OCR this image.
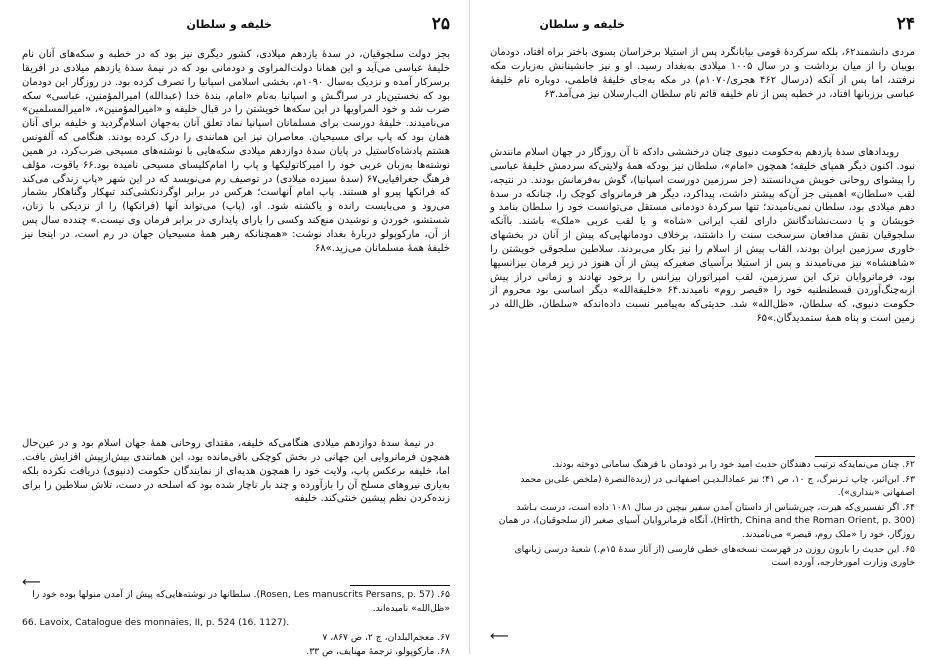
۲۵
خلیفه و سلطان

بجز دولت سلجوقیان، در سدهٔ یازدهم میلادی، کشور دیگری نیز بود که در خطبه و سکه‌های آنان نام خلیفهٔ عباسی می‌آید و این همانا دولت‌المراوی و دودمانی بود که در نیمهٔ سدهٔ یازدهم میلادی در افریقا برسرکار آمده و نزدیک به‌سال ۱۰۹۰م، بخشی اسلامی اسپانیا را تصرف کرده بود. در روزگار این دودمان بود که نخستین‌بار در سراگـش و اسپانیا به‌نام «امام، بندهٔ خدا (عبدالله) امیرالمؤمنین، عباسی» سکه ضرب شد و خود المراویها در این سکه‌ها خویشتن را در قبال خلیفه و «امیرالمؤمنین»، «امیرالمسلمین» می‌نامیدند. خلیفهٔ دورست برای مسلمانان اسپانیا نماد تعلق آنان به‌جهان اسلام‌گردید و خلیفه برای آنان همان بود که پاپ برای مسیحیان. معاصران نیز این همانندی را درک کرده بودند. هنگامی که آلفونس هشتم پادشاه‌کاستیل در پایان سدهٔ دوازدهم میلادی سکه‌هایی با نوشته‌های مسیحی ضرب‌کرد، در همین نوشته‌ها به‌زبان عربی خود را امیرکاتولیکها و پاپ را امام‌کلیسای مسیحی نامیده بود.۶۶ یاقوت، مؤلف فرهنگ جغرافیایی۶۷ (سدهٔ سیزده میلادی) در توصیف رم می‌نویسد که در این شهر «پاپ زندگی می‌کند که فرانکها پیرو او هستند. پاپ امام آنهاست؛ هرکس در برابر او‌گردنکشی‌کند تبهکار و‌گناهکار بشمار می‌رود و می‌بایست رانده و یا‌کشته شود. او، (پاپ) می‌تواند آنها (فرانکها) را از نزدیکی با زنان، شستشو، خوردن و نوشیدن منع‌کند وکسی را یارای پایداری در برابر فرمان وی نیست.» چند‌ده سال پس از آن، مارکوپولو دربارهٔ بغداد نوشت: «همچنانکه رهبر همهٔ مسیحیان جهان در رم است، در اینجا نیز خلیفهٔ همهٔ مسلمانان می‌زید.»۶۸

در نیمهٔ سدهٔ دوازدهم میلادی هنگامی‌که خلیفه، مقتدای روحانی همهٔ جهان اسلام بود و در عین‌حال همچون فرمانروایی این جهانی در بخش کوچکی باقی‌مانده بود، این همانندی بیش‌ازپیش افزایش یافت. اما، خلیفه برعکس پاپ، ولایت خود را همچون هدیه‌ای از نمایندگان حکومت (دنیوی) دریافت نکرده بلکه به‌یاری نیروهای مسلح آن را بازآورده و چند بار ناچار شده بود که اسلحه در دست، تلاش سلاطین را برای زنده‌کردن نظم پیشین خنثی‌کند. خلیفه

۶۵. (Rosen, Les manuscrits Persans, p. 57). سلطانها در نوشته‌هایی‌که پیش از آمدن منولها بوده خود را «ظل‌الله» نامیده‌اند.

66. Lavoix, Catalogue des monnaies, II, p. 524 (16. 1127).

۶۷. معجم‌البلدان، ج ۲، ص ۸۶۷، ۷

۶۸. مارکوپولو، ترجمهٔ مهنایف، ص ۳۳.

⟵
۲۴
خلیفه و سلطان

مردی دانشمند۶۲، بلکه سرکردهٔ قومی بیابانگرد پس از استیلا برخراسان بسوی باختر براه افتاد، دودمان بوییان را از میان برداشت و در سال ۱۰۰۵ میلادی به‌بغداد رسید. او و نیز جانشینانش به‌زیارت مکه نرفتند، اما پس از آنکه (درسال ۴۶۲ هجری/۱۰۷۰م) در مکه به‌جای خلیفهٔ فاطمی، دوباره نام خلیفهٔ عباسی برزبانها افتاد، در خطبه پس از نام خلیفه قائم نام سلطان الب‌ارسلان نیز می‌آمد.۶۳

رویدادهای سدهٔ یازدهم به‌حکومت دنیوی چنان درخششی داد‌که تا آن روزگار در جهان اسلام مانندش نبود. اکنون دیگر همپای خلیفه؛ همچون «امام»، سلطان نیز بود‌که همهٔ ولایتی‌که سردمش خلیفهٔ عباسی را پیشوای روحانی خویش می‌دانستند (جز سرزمین دورست اسپانیا)، گوش به‌فرمانش بودند. در نتیجه، لقب «سلطان» اهمیتی جز آن‌که پیشتر داشت، پیدا‌کرد، دیگر هر فرمانروای کوچک را، چنانکه در سدهٔ دهم میلادی بود، سلطان نمی‌نامیدند؛ تنها سرکردهٔ دودمانی مستقل می‌توانست خود را سلطان بنامد و خویشان و یا دست‌نشاندگانش دارای لقب ایرانی «شاه» و یا لقب عربی «ملک» باشند. باآنکه سلجوقیان نقش مدافعان سرسخت سنت را داشتند، برخلاف دودمانهایی‌که پیش از آنان در بخشهای خاوری سرزمین ایران بودند، القاب پیش از اسلام را نیز بکار می‌بردند. سلاطین سلجوقی خویشتن را «شاهنشاه» نیز می‌نامیدند و پس از استیلا برآسیای صغیر‌که پیش از آن هنوز در زیر فرمان بیزانسیها بود، فرمانروایان ترک این سرزمین، لقب امپراتوران بیزانس را برخود نهادند و زمانی دراز پیش از‌به‌چنگ‌آوردن قسطنطنیه خود را «قیصر روم» نامیدند.۶۴ «خلیفةالله» دیگر اساسی بود محروم از حکومت دنیوی، که سلطان، «ظل‌الله» شد. حدیثی‌که به‌پیامبر نسبت داده‌اند‌که «سلطان، ظل‌الله در زمین است و پناه همهٔ ستمدیدگان.»۶۵

۶۲. چنان می‌نماید‌که ترتیب دهندگان حدیث امید خود را بر دودمان با فرهنگ سامانی دوخته بودند.

۶۳. ابن‌اثیر، چاپ تـرنبرگ، ج ۱۰، ص ۴۱؛ نیز عمادالـدیـن اصفهانـی در (زبدةالنصرة (ملخص علی‌بن محمد اصفهانی «بنداری»).

۶۴. اگر تفسیری‌که هیرت، چین‌شناس از داستان آمدن سفیر بیچین در سال ۱۰۸۱ داده است، درست بـاشد (Hirth, China and the Roman Orient, p. 300)، آنگاه فرمانروایان آسیای صغیر (از سلجوقیان)، در همان روزگار، خود را «ملک روم، قیصر» می‌نامیدند.

۶۵. این حدیث را بارون روزن در فهرست نسخه‌های خطی فارسی (از آثار سدهٔ ۱۵م.) شعبهٔ درسی زبانهای خاوری وزارت امورخارجه، آورده است

⟵
